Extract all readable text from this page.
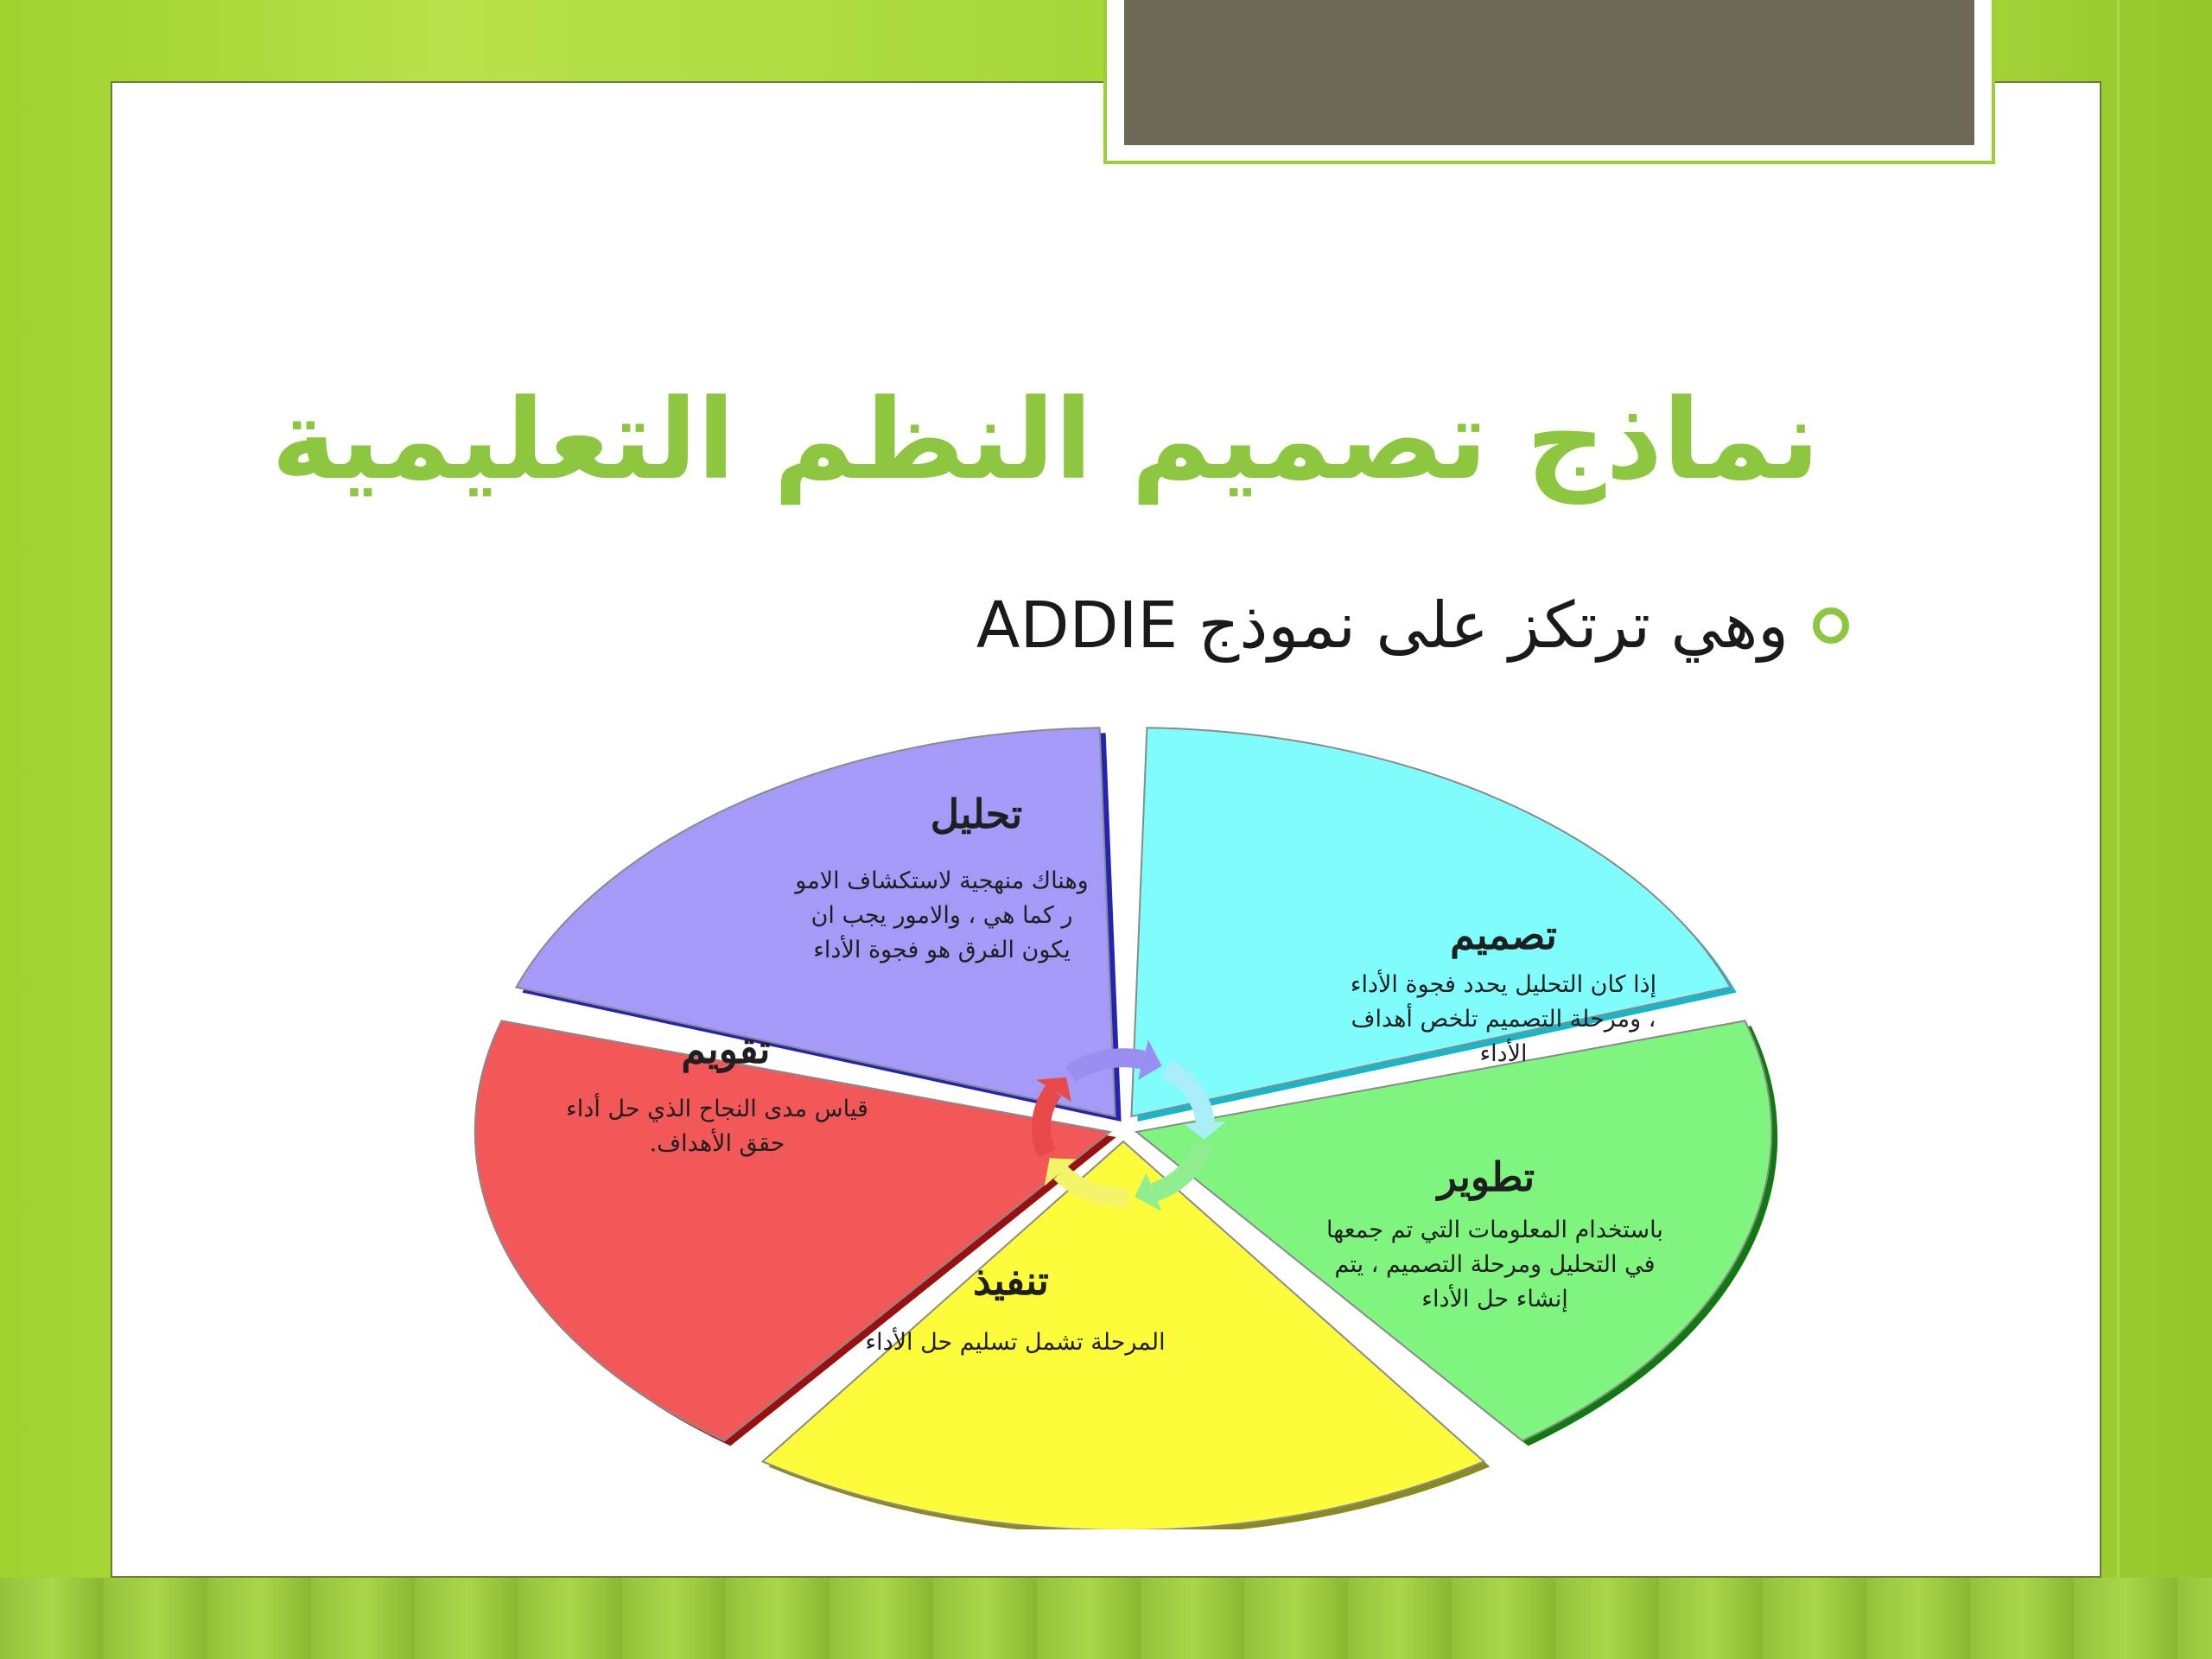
نماذج تصميم النظم التعليمية
وهي ترتكز على نموذج ADDIE
تحليل
وهناك منهجية لاستكشاف الامو
ر كما هي ، والامور يجب ان
يكون الفرق هو فجوة الأداء	تصميم
إذا كان التحليل يحدد فجوة الأداء
، ومرحلة التصميم تلخص أهداف
الأداء
تطوير
باستخدام المعلومات التي تم جمعها
في التحليل ومرحلة التصميم ، يتم
إنشاء حل الأداء
تنفيذ
المرحلة تشمل تسليم حل الأداء
تقويم
قياس مدى النجاح الذي حل أداء
حقق الأهداف.
